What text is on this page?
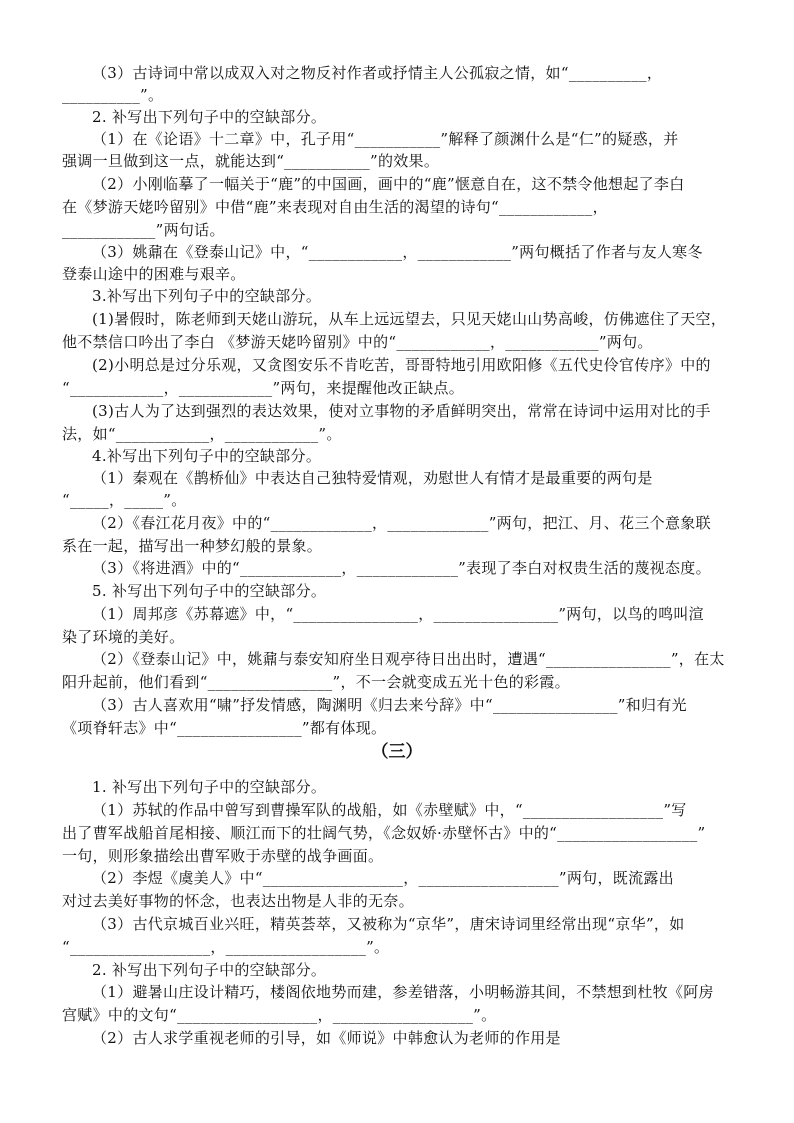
（3）古诗词中常以成双入对之物反衬作者或抒情主人公孤寂之情，如“__________，
__________”。
2. 补写出下列句子中的空缺部分。
（1）在《论语》十二章》中，孔子用“___________”解释了颜渊什么是“仁”的疑惑，并
强调一旦做到这一点，就能达到“___________”的效果。
（2）小刚临摹了一幅关于“鹿”的中国画，画中的“鹿”惬意自在，这不禁令他想起了李白
在《梦游天姥吟留别》中借“鹿”来表现对自由生活的渴望的诗句“____________，
____________”两句话。
（3）姚鼐在《登泰山记》中，“____________，____________”两句概括了作者与友人寒冬
登泰山途中的困难与艰辛。
3.补写出下列句子中的空缺部分。
(1)暑假时，陈老师到天姥山游玩，从车上远远望去，只见天姥山山势高峻，仿佛遮住了天空，
他不禁信口吟出了李白 《梦游天姥吟留别》中的“____________，____________”两句。
(2)小明总是过分乐观，又贪图安乐不肯吃苦，哥哥特地引用欧阳修《五代史伶官传序》中的
“____________，____________”两句，来提醒他改正缺点。
(3)古人为了达到强烈的表达效果，使对立事物的矛盾鲜明突出，常常在诗词中运用对比的手
法，如“____________，____________”。
4.补写出下列句子中的空缺部分。
（1）秦观在《鹊桥仙》中表达自己独特爱情观，劝慰世人有情才是最重要的两句是
“_____，_____”。
（2）《春江花月夜》中的“_____________，_____________”两句，把江、月、花三个意象联
系在一起，描写出一种梦幻般的景象。
（3）《将进酒》中的“_____________，_____________”表现了李白对权贵生活的蔑视态度。
5. 补写出下列句子中的空缺部分。
（1）周邦彦《苏幕遮》中，“________________，________________”两句，以鸟的鸣叫渲
染了环境的美好。
（2）《登泰山记》中，姚鼐与泰安知府坐日观亭待日出出时，遭遇“________________”，在太
阳升起前，他们看到“________________”，不一会就变成五光十色的彩霞。
（3）古人喜欢用“啸”抒发情感，陶渊明《归去来兮辞》中“________________”和归有光
《项脊轩志》中“________________”都有体现。
（三）
1. 补写出下列句子中的空缺部分。
（1）苏轼的作品中曾写到曹操军队的战船，如《赤壁赋》中，“__________________”写
出了曹军战船首尾相接、顺江而下的壮阔气势，《念奴娇·赤壁怀古》中的“__________________”
一句，则形象描绘出曹军败于赤壁的战争画面。
（2）李煜《虞美人》中“__________________，__________________”两句，既流露出
对过去美好事物的怀念，也表达出物是人非的无奈。
（3）古代京城百业兴旺，精英荟萃，又被称为“京华”，唐宋诗词里经常出现“京华”，如
“__________________，__________________”。
2. 补写出下列句子中的空缺部分。
（1）避暑山庄设计精巧，楼阁依地势而建，参差错落，小明畅游其间，不禁想到杜牧《阿房
宫赋》中的文句“__________________，__________________”。
（2）古人求学重视老师的引导，如《师说》中韩愈认为老师的作用是
